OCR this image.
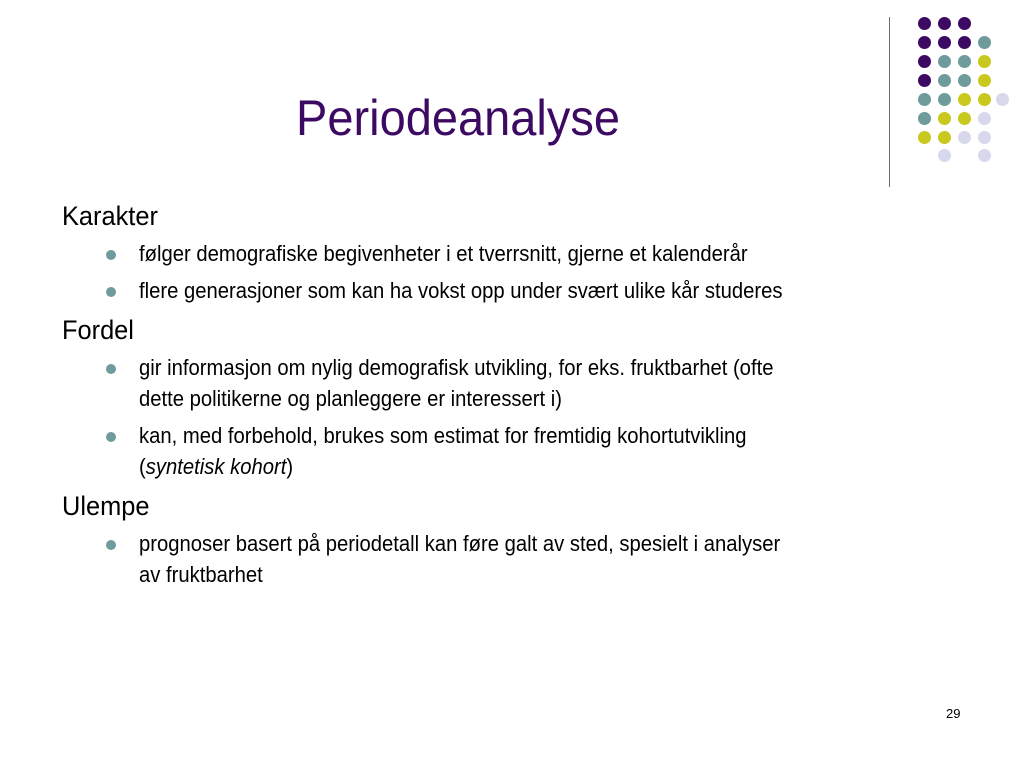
Periodeanalyse
Karakter
følger demografiske begivenheter i et tverrsnitt, gjerne et kalenderår
flere generasjoner som kan ha vokst opp under svært ulike kår studeres
Fordel
gir informasjon om nylig demografisk utvikling, for eks. fruktbarhet (ofte
dette politikerne og planleggere er interessert i)
kan, med forbehold, brukes som estimat for fremtidig kohortutvikling
(syntetisk kohort)
Ulempe
prognoser basert på periodetall kan føre galt av sted, spesielt i analyser
av fruktbarhet
29
